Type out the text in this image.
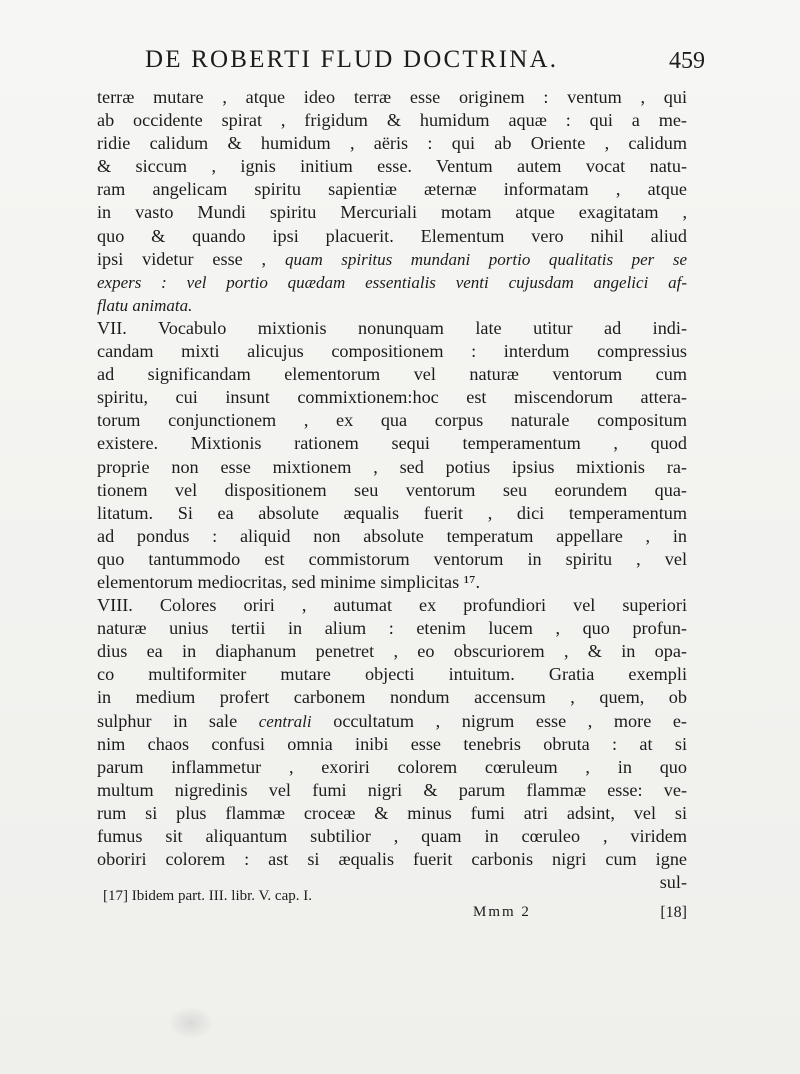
DE ROBERTI FLUD DOCTRINA.	459
terræ mutare , atque ideo terræ esse originem : ventum , qui
ab occidente spirat , frigidum & humidum aquæ : qui a me-
ridie calidum & humidum , aëris : qui ab Oriente , calidum
& siccum , ignis initium esse. Ventum autem vocat natu-
ram angelicam spiritu sapientiæ æternæ informatam , atque
in vasto Mundi spiritu Mercuriali motam atque exagitatam ,
quo & quando ipsi placuerit. Elementum vero nihil aliud
ipsi videtur esse , quam spiritus mundani portio qualitatis per se
expers : vel portio quædam essentialis venti cujusdam angelici af-
flatu animata.
VII. Vocabulo mixtionis nonunquam late utitur ad indi-
candam mixti alicujus compositionem : interdum compressius
ad significandam elementorum vel naturæ ventorum cum
spiritu, cui insunt commixtionem:hoc est miscendorum attera-
torum conjunctionem , ex qua corpus naturale compositum
existere. Mixtionis rationem sequi temperamentum , quod
proprie non esse mixtionem , sed potius ipsius mixtionis ra-
tionem vel dispositionem seu ventorum seu eorundem qua-
litatum. Si ea absolute æqualis fuerit , dici temperamentum
ad pondus : aliquid non absolute temperatum appellare , in
quo tantummodo est commistorum ventorum in spiritu , vel
elementorum mediocritas, sed minime simplicitas ¹⁷.
VIII. Colores oriri , autumat ex profundiori vel superiori
naturæ unius tertii in alium : etenim lucem , quo profun-
dius ea in diaphanum penetret , eo obscuriorem , & in opa-
co multiformiter mutare objecti intuitum. Gratia exempli
in medium profert carbonem nondum accensum , quem, ob
sulphur in sale centrali occultatum , nigrum esse , more e-
nim chaos confusi omnia inibi esse tenebris obruta : at si
parum inflammetur , exoriri colorem cœruleum , in quo
multum nigredinis vel fumi nigri & parum flammæ esse: ve-
rum si plus flammæ croceæ & minus fumi atri adsint, vel si
fumus sit aliquantum subtilior , quam in cœruleo , viridem
oboriri colorem : ast si æqualis fuerit carbonis nigri cum igne
sul-
[17] Ibidem part. III. libr. V. cap. I.
Mmm 2	[18]
